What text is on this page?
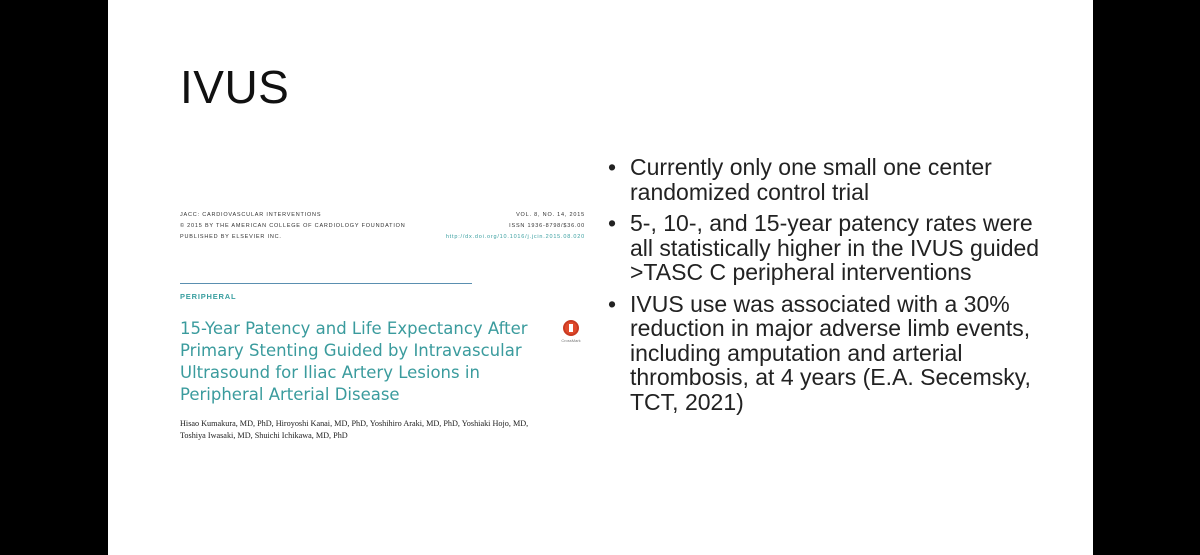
IVUS
JACC: CARDIOVASCULAR INTERVENTIONS
© 2015 BY THE AMERICAN COLLEGE OF CARDIOLOGY FOUNDATION
PUBLISHED BY ELSEVIER INC.
VOL. 8, NO. 14, 2015
ISSN 1936-8798/$36.00
http://dx.doi.org/10.1016/j.jcin.2015.08.020
PERIPHERAL
15-Year Patency and Life Expectancy After Primary Stenting Guided by Intravascular Ultrasound for Iliac Artery Lesions in Peripheral Arterial Disease
CrossMark
Hisao Kumakura, MD, PhD, Hiroyoshi Kanai, MD, PhD, Yoshihiro Araki, MD, PhD, Yoshiaki Hojo, MD,
Toshiya Iwasaki, MD, Shuichi Ichikawa, MD, PhD
• Currently only one small one center randomized control trial
• 5-, 10-, and 15-year patency rates were all statistically higher in the IVUS guided >TASC C peripheral interventions
• IVUS use was associated with a 30% reduction in major adverse limb events, including amputation and arterial thrombosis, at 4 years (E.A. Secemsky, TCT, 2021)
